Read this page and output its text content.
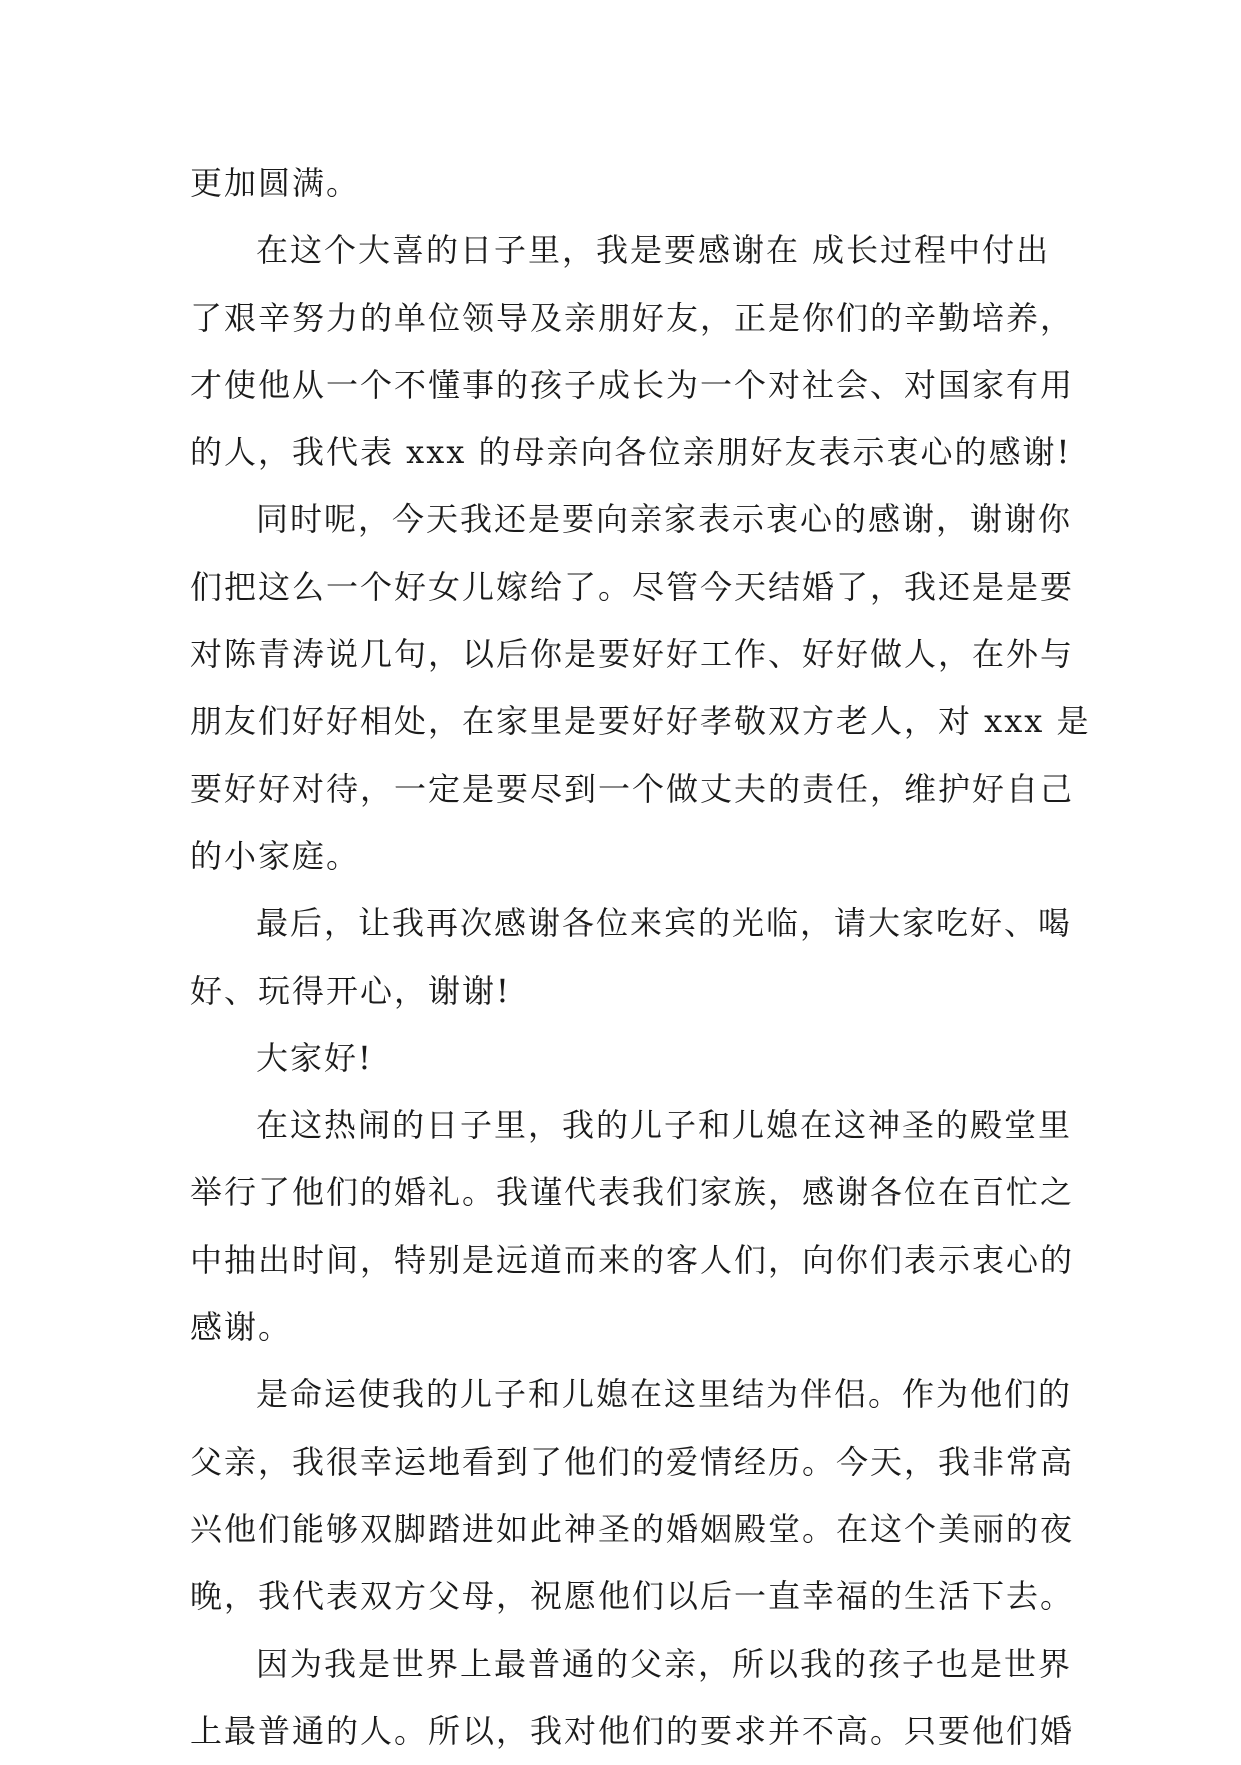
更加圆满。
在这个大喜的日子里，我是要感谢在 成长过程中付出
了艰辛努力的单位领导及亲朋好友，正是你们的辛勤培养，
才使他从一个不懂事的孩子成长为一个对社会、对国家有用
的人，我代表 xxx 的母亲向各位亲朋好友表示衷心的感谢!
同时呢，今天我还是要向亲家表示衷心的感谢，谢谢你
们把这么一个好女儿嫁给了。尽管今天结婚了，我还是是要
对陈青涛说几句，以后你是要好好工作、好好做人，在外与
朋友们好好相处，在家里是要好好孝敬双方老人，对 xxx 是
要好好对待，一定是要尽到一个做丈夫的责任，维护好自己
的小家庭。
最后，让我再次感谢各位来宾的光临，请大家吃好、喝
好、玩得开心，谢谢!
大家好!
在这热闹的日子里，我的儿子和儿媳在这神圣的殿堂里
举行了他们的婚礼。我谨代表我们家族，感谢各位在百忙之
中抽出时间，特别是远道而来的客人们，向你们表示衷心的
感谢。
是命运使我的儿子和儿媳在这里结为伴侣。作为他们的
父亲，我很幸运地看到了他们的爱情经历。今天，我非常高
兴他们能够双脚踏进如此神圣的婚姻殿堂。在这个美丽的夜
晚，我代表双方父母，祝愿他们以后一直幸福的生活下去。
因为我是世界上最普通的父亲，所以我的孩子也是世界
上最普通的人。所以，我对他们的要求并不高。只要他们婚
